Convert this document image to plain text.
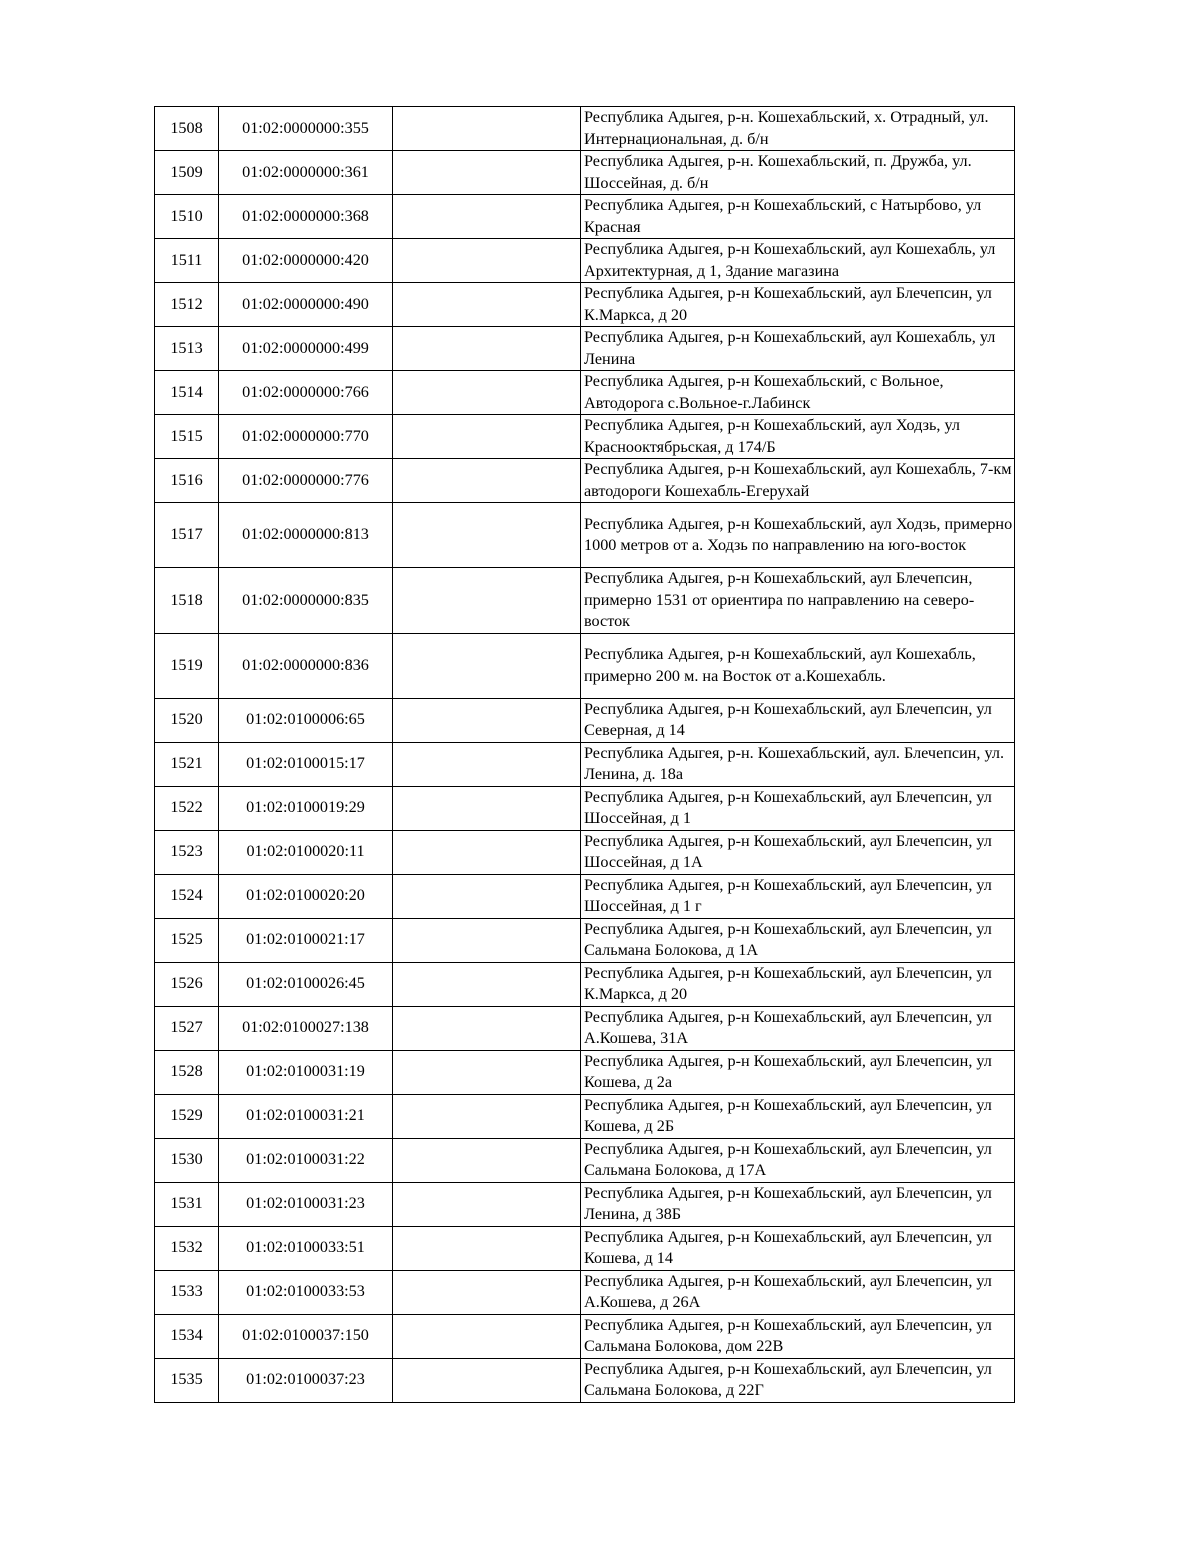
1508	01:02:0000000:355		Республика Адыгея, р-н. Кошехабльский, х. Отрадный, ул. Интернациональная, д. б/н
1509	01:02:0000000:361		Республика Адыгея, р-н. Кошехабльский, п. Дружба, ул. Шоссейная, д. б/н
1510	01:02:0000000:368		Республика Адыгея, р-н Кошехабльский, с Натырбово, ул Красная
1511	01:02:0000000:420		Республика Адыгея, р-н Кошехабльский, аул Кошехабль, ул Архитектурная, д 1, Здание магазина
1512	01:02:0000000:490		Республика Адыгея, р-н Кошехабльский, аул Блечепсин, ул К.Маркса, д 20
1513	01:02:0000000:499		Республика Адыгея, р-н Кошехабльский, аул Кошехабль, ул Ленина
1514	01:02:0000000:766		Республика Адыгея, р-н Кошехабльский, с Вольное, Автодорога с.Вольное-г.Лабинск
1515	01:02:0000000:770		Республика Адыгея, р-н Кошехабльский, аул Ходзь, ул Краснооктябрьская, д 174/Б
1516	01:02:0000000:776		Республика Адыгея, р-н Кошехабльский, аул Кошехабль, 7-км автодороги Кошехабль-Егерухай
1517	01:02:0000000:813		Республика Адыгея, р-н Кошехабльский, аул Ходзь, примерно 1000 метров от а. Ходзь по направлению на юго-восток
1518	01:02:0000000:835		Республика Адыгея, р-н Кошехабльский, аул Блечепсин, примерно 1531 от ориентира по направлению на северо-восток
1519	01:02:0000000:836		Республика Адыгея, р-н Кошехабльский, аул Кошехабль, примерно 200 м. на Восток от а.Кошехабль.
1520	01:02:0100006:65		Республика Адыгея, р-н Кошехабльский, аул Блечепсин, ул Северная, д 14
1521	01:02:0100015:17		Республика Адыгея, р-н. Кошехабльский, аул. Блечепсин, ул. Ленина, д. 18а
1522	01:02:0100019:29		Республика Адыгея, р-н Кошехабльский, аул Блечепсин, ул Шоссейная, д 1
1523	01:02:0100020:11		Республика Адыгея, р-н Кошехабльский, аул Блечепсин, ул Шоссейная, д 1А
1524	01:02:0100020:20		Республика Адыгея, р-н Кошехабльский, аул Блечепсин, ул Шоссейная, д 1 г
1525	01:02:0100021:17		Республика Адыгея, р-н Кошехабльский, аул Блечепсин, ул Сальмана Болокова, д 1А
1526	01:02:0100026:45		Республика Адыгея, р-н Кошехабльский, аул Блечепсин, ул К.Маркса, д 20
1527	01:02:0100027:138		Республика Адыгея, р-н Кошехабльский, аул Блечепсин, ул А.Кошева, 31А
1528	01:02:0100031:19		Республика Адыгея, р-н Кошехабльский, аул Блечепсин, ул Кошева, д 2а
1529	01:02:0100031:21		Республика Адыгея, р-н Кошехабльский, аул Блечепсин, ул Кошева, д 2Б
1530	01:02:0100031:22		Республика Адыгея, р-н Кошехабльский, аул Блечепсин, ул Сальмана Болокова, д 17А
1531	01:02:0100031:23		Республика Адыгея, р-н Кошехабльский, аул Блечепсин, ул Ленина, д 38Б
1532	01:02:0100033:51		Республика Адыгея, р-н Кошехабльский, аул Блечепсин, ул Кошева, д 14
1533	01:02:0100033:53		Республика Адыгея, р-н Кошехабльский, аул Блечепсин, ул А.Кошева, д 26А
1534	01:02:0100037:150		Республика Адыгея, р-н Кошехабльский, аул Блечепсин, ул Сальмана Болокова, дом 22В
1535	01:02:0100037:23		Республика Адыгея, р-н Кошехабльский, аул Блечепсин, ул Сальмана Болокова, д 22Г
